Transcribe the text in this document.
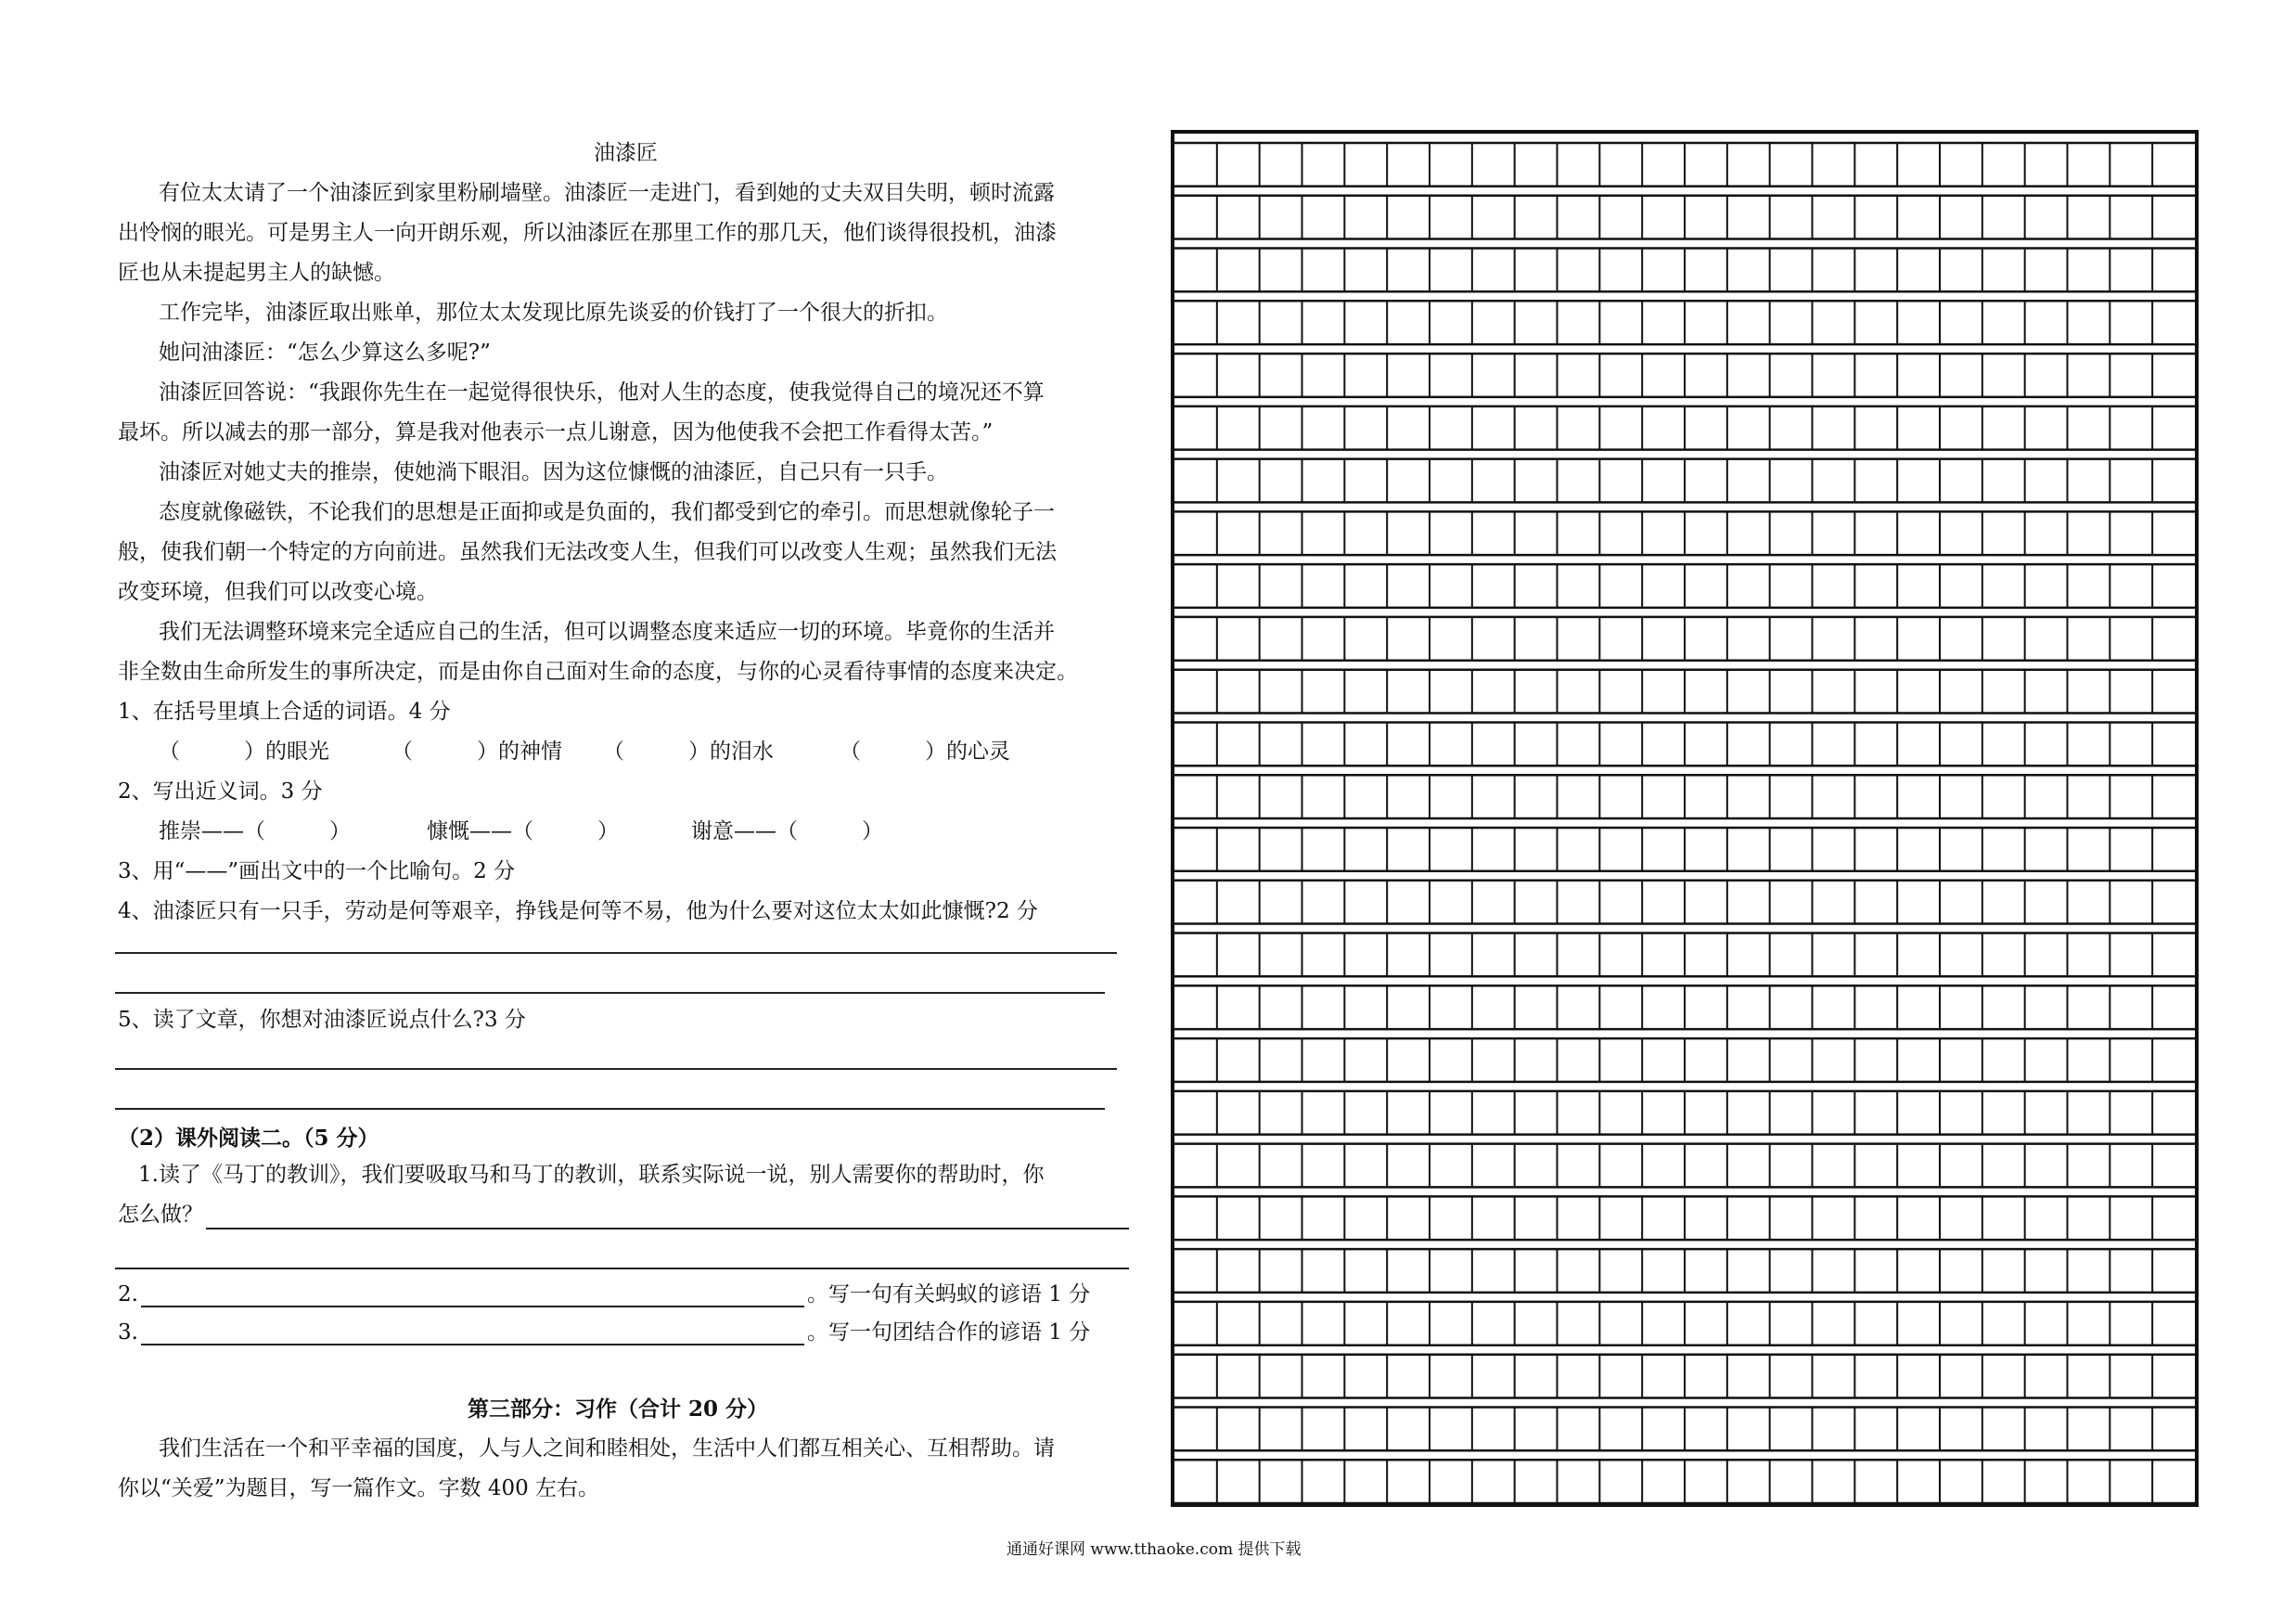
油漆匠
有位太太请了一个油漆匠到家里粉刷墙壁。油漆匠一走进门，看到她的丈夫双目失明，顿时流露
出怜悯的眼光。可是男主人一向开朗乐观，所以油漆匠在那里工作的那几天，他们谈得很投机，油漆
匠也从未提起男主人的缺憾。
工作完毕，油漆匠取出账单，那位太太发现比原先谈妥的价钱打了一个很大的折扣。
她问油漆匠：“怎么少算这么多呢?”
油漆匠回答说：“我跟你先生在一起觉得很快乐，他对人生的态度，使我觉得自己的境况还不算
最坏。所以减去的那一部分，算是我对他表示一点儿谢意，因为他使我不会把工作看得太苦。”
油漆匠对她丈夫的推崇，使她淌下眼泪。因为这位慷慨的油漆匠，自己只有一只手。
态度就像磁铁，不论我们的思想是正面抑或是负面的，我们都受到它的牵引。而思想就像轮子一
般，使我们朝一个特定的方向前进。虽然我们无法改变人生，但我们可以改变人生观；虽然我们无法
改变环境，但我们可以改变心境。
我们无法调整环境来完全适应自己的生活，但可以调整态度来适应一切的环境。毕竟你的生活并
非全数由生命所发生的事所决定，而是由你自己面对生命的态度，与你的心灵看待事情的态度来决定。
1、在括号里填上合适的词语。4 分
（　　　）的眼光	（　　　）的神情 （　　　）的泪水	（　　　）的心灵
2、写出近义词。3 分
推崇——（　　　）	慷慨——（　　　）	谢意——（　　　）
3、用“——”画出文中的一个比喻句。2 分
4、油漆匠只有一只手，劳动是何等艰辛，挣钱是何等不易，他为什么要对这位太太如此慷慨?2 分
5、读了文章，你想对油漆匠说点什么?3 分
（2）课外阅读二。（5 分）
1.读了《马丁的教训》，我们要吸取马和马丁的教训，联系实际说一说，别人需要你的帮助时，你
怎么做？
2.	。写一句有关蚂蚁的谚语 1 分
3.	。写一句团结合作的谚语 1 分
第三部分：习作（合计 20 分）
我们生活在一个和平幸福的国度，人与人之间和睦相处，生活中人们都互相关心、互相帮助。请
你以“关爱”为题目，写一篇作文。字数 400 左右。
通通好课网 www.tthaoke.com 提供下载
